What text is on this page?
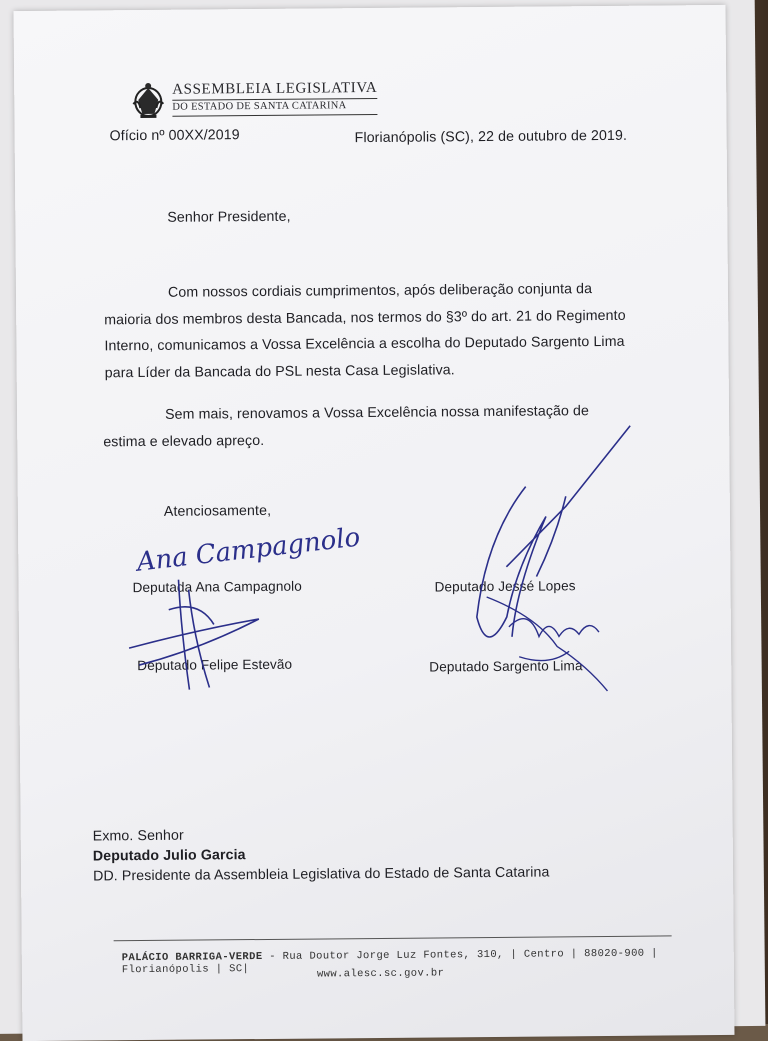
ASSEMBLEIA LEGISLATIVA
DO ESTADO DE SANTA CATARINA
Ofício nº 00XX/2019	Florianópolis (SC), 22 de outubro de 2019.
Senhor Presidente,
Com nossos cordiais cumprimentos, após deliberação conjunta da
maioria dos membros desta Bancada, nos termos do §3º do art. 21 do Regimento
Interno, comunicamos a Vossa Excelência a escolha do Deputado Sargento Lima
para Líder da Bancada do PSL nesta Casa Legislativa.
Sem mais, renovamos a Vossa Excelência nossa manifestação de
estima e elevado apreço.
Atenciosamente,
Deputada Ana Campagnolo	Deputado Jessé Lopes
Deputado Felipe Estevão	Deputado Sargento Lima
Ana Campagnolo
Exmo. Senhor
Deputado Julio Garcia
DD. Presidente da Assembleia Legislativa do Estado de Santa Catarina
PALÁCIO BARRIGA-VERDE - Rua Doutor Jorge Luz Fontes, 310, | Centro | 88020-900 | Florianópolis | SC|	www.alesc.sc.gov.br
